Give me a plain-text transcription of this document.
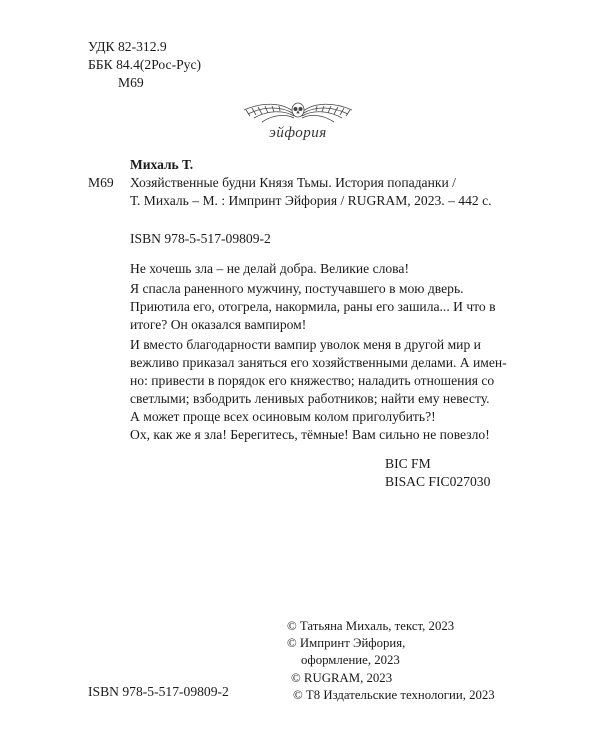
УДК 82-312.9
ББК 84.4(2Рос-Рус)
М69
эйфория
Михаль Т.
М69 Хозяйственные будни Князя Тьмы. История попаданки /
Т. Михаль – М. : Импринт Эйфория / RUGRAM, 2023. – 442 с.
ISBN 978-5-517-09809-2

Не хочешь зла – не делай добра. Великие слова!

Я спасла раненного мужчину, постучавшего в мою дверь.

Приютила его, отогрела, накормила, раны его зашила... И что в

итоге? Он оказался вампиром!

И вместо благодарности вампир уволок меня в другой мир и

вежливо приказал заняться его хозяйственными делами. А имен-

но: привести в порядок его княжество; наладить отношения со

светлыми; взбодрить ленивых работников; найти ему невесту.

А может проще всех осиновым колом приголубить?!

Ох, как же я зла! Берегитесь, тёмные! Вам сильно не повезло!

BIC FM
BISAC FIC027030
© Татьяна Михаль, текст, 2023
© Импринт Эйфория,
оформление, 2023
© RUGRAM, 2023
© Т8 Издательские технологии, 2023
ISBN 978-5-517-09809-2
